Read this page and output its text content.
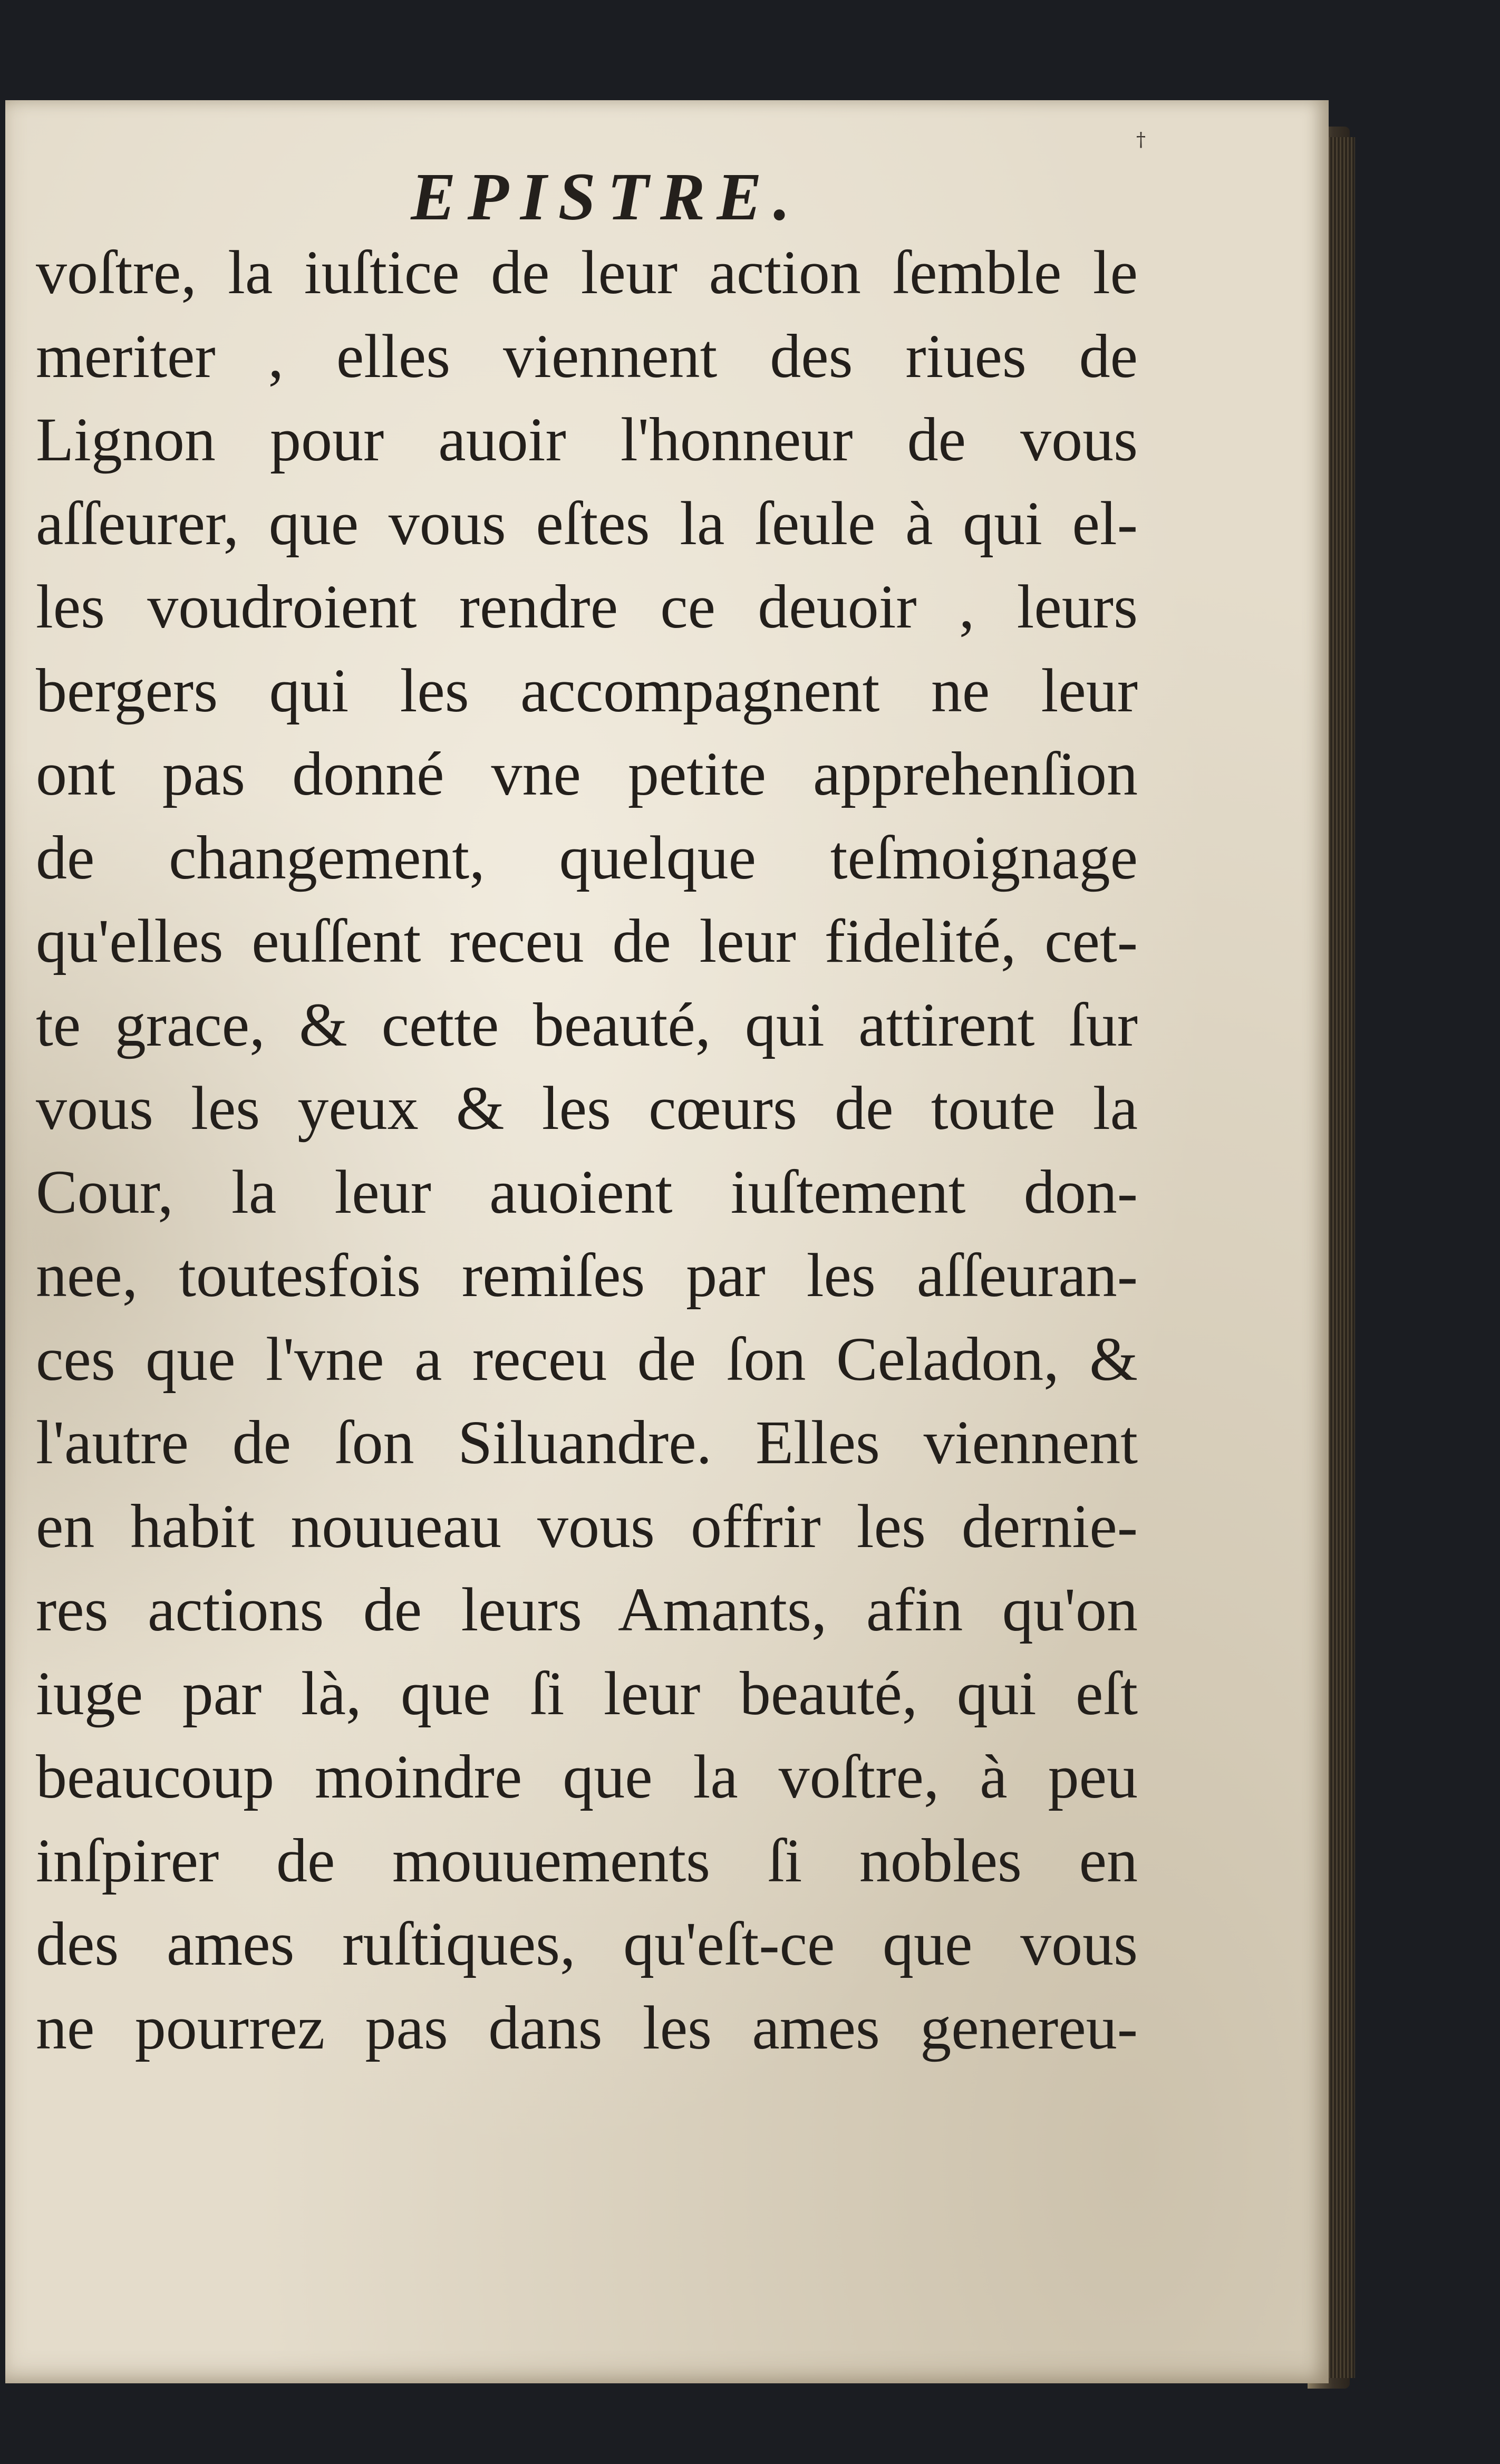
†
EPISTRE.
voſtre, la iuſtice de leur action ſemble le
meriter , elles viennent des riues de
Lignon pour auoir l'honneur de vous
aſſeurer, que vous eſtes la ſeule à qui el-
les voudroient rendre ce deuoir , leurs
bergers qui les accompagnent ne leur
ont pas donné vne petite apprehenſion
de changement, quelque teſmoignage
qu'elles euſſent receu de leur fidelité, cet-
te grace, & cette beauté, qui attirent ſur
vous les yeux & les cœurs de toute la
Cour, la leur auoient iuſtement don-
nee, toutesfois remiſes par les aſſeuran-
ces que l'vne a receu de ſon Celadon, &
l'autre de ſon Siluandre. Elles viennent
en habit nouueau vous offrir les dernie-
res actions de leurs Amants, afin qu'on
iuge par là, que ſi leur beauté, qui eſt
beaucoup moindre que la voſtre, à peu
inſpirer de mouuements ſi nobles en
des ames ruſtiques, qu'eſt-ce que vous
ne pourrez pas dans les ames genereu-
